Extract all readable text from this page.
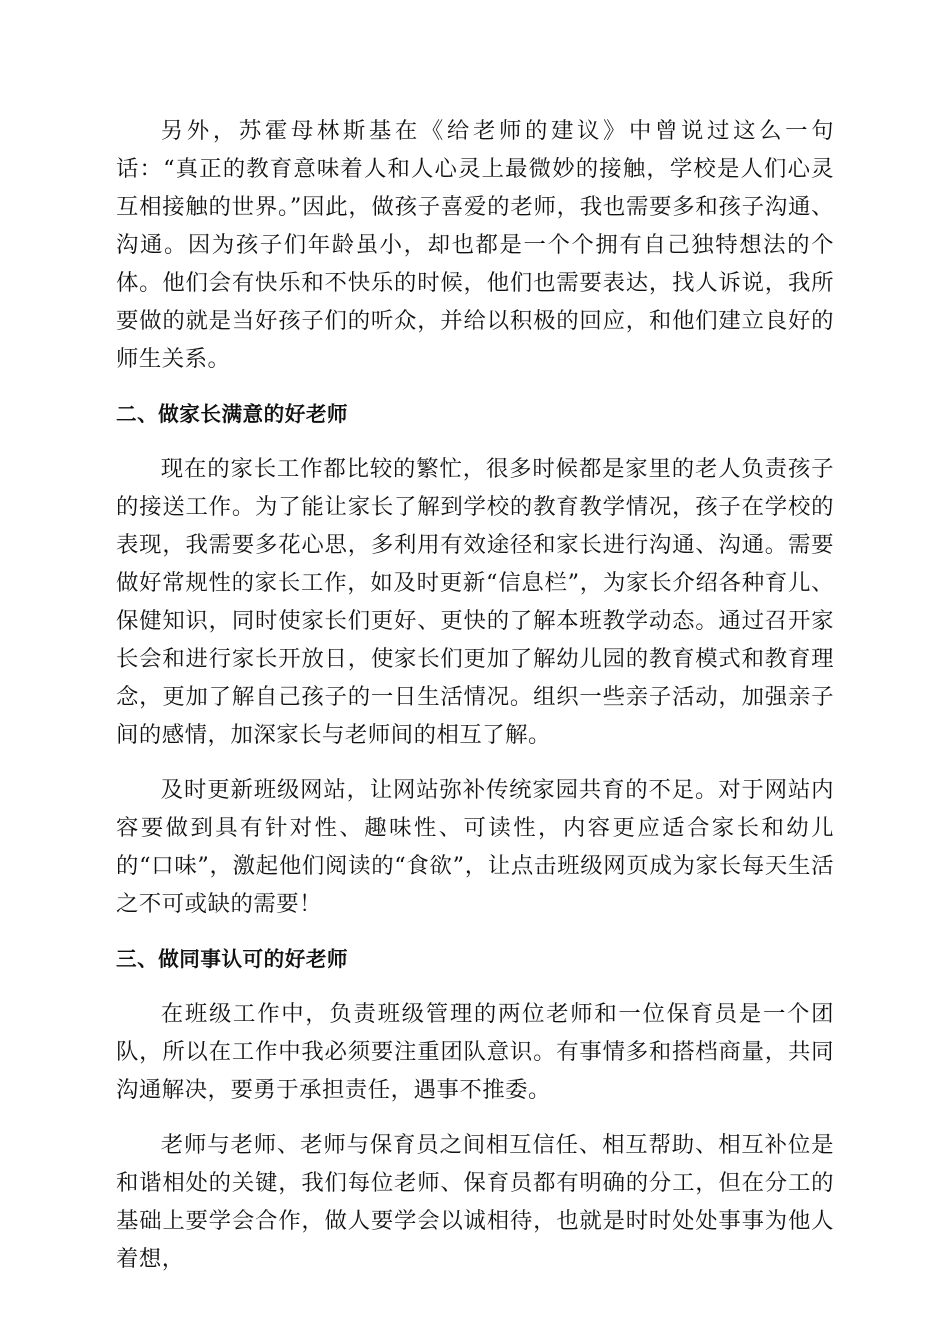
另外，苏霍母林斯基在《给老师的建议》中曾说过这么一句话：“真正的教育意味着人和人心灵上最微妙的接触，学校是人们心灵互相接触的世界。”因此，做孩子喜爱的老师，我也需要多和孩子沟通、沟通。因为孩子们年龄虽小，却也都是一个个拥有自己独特想法的个体。他们会有快乐和不快乐的时候，他们也需要表达，找人诉说，我所要做的就是当好孩子们的听众，并给以积极的回应，和他们建立良好的师生关系。

二、做家长满意的好老师

现在的家长工作都比较的繁忙，很多时候都是家里的老人负责孩子的接送工作。为了能让家长了解到学校的教育教学情况，孩子在学校的表现，我需要多花心思，多利用有效途径和家长进行沟通、沟通。需要做好常规性的家长工作，如及时更新“信息栏”，为家长介绍各种育儿、保健知识，同时使家长们更好、更快的了解本班教学动态。通过召开家长会和进行家长开放日，使家长们更加了解幼儿园的教育模式和教育理念，更加了解自己孩子的一日生活情况。组织一些亲子活动，加强亲子间的感情，加深家长与老师间的相互了解。

及时更新班级网站，让网站弥补传统家园共育的不足。对于网站内容要做到具有针对性、趣味性、可读性，内容更应适合家长和幼儿的“口味”，激起他们阅读的“食欲”，让点击班级网页成为家长每天生活之不可或缺的需要！

三、做同事认可的好老师

在班级工作中，负责班级管理的两位老师和一位保育员是一个团队，所以在工作中我必须要注重团队意识。有事情多和搭档商量，共同沟通解决，要勇于承担责任，遇事不推委。

老师与老师、老师与保育员之间相互信任、相互帮助、相互补位是和谐相处的关键，我们每位老师、保育员都有明确的分工，但在分工的基础上要学会合作，做人要学会以诚相待，也就是时时处处事事为他人着想，
